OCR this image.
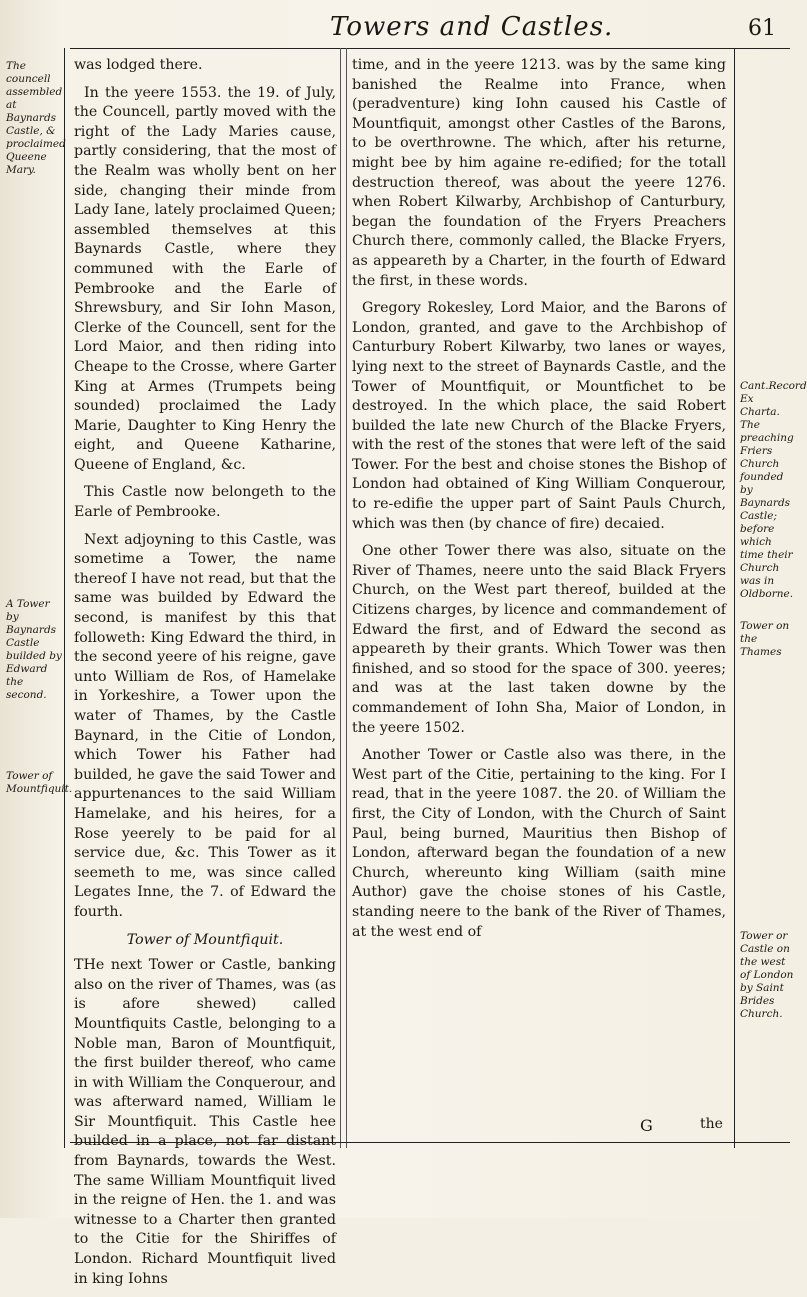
Towers and Castles.	61
The councell assembled at Baynards Castle, & proclaimed Queene Mary.
A Tower by Baynards Castle builded by Edward the second.
Tower of Mountfiquit.
Cant.Record Ex Charta. The preaching Friers Church founded by Baynards Castle; before which time their Church was in Oldborne.
Tower on the Thames
Tower or Castle on the west of London by Saint Brides Church.

was lodged there.

In the yeere 1553. the 19. of July, the Councell, partly moved with the right of the Lady Maries cause, partly considering, that the most of the Realm was wholly bent on her side, changing their minde from Lady Iane, lately proclaimed Queen; assembled themselves at this Baynards Castle, where they communed with the Earle of Pembrooke and the Earle of Shrewsbury, and Sir Iohn Mason, Clerke of the Councell, sent for the Lord Maior, and then riding into Cheape to the Crosse, where Garter King at Armes (Trumpets being sounded) proclaimed the Lady Marie, Daughter to King Henry the eight, and Queene Katharine, Queene of England, &c.

This Castle now belongeth to the Earle of Pembrooke.

Next adjoyning to this Castle, was sometime a Tower, the name thereof I have not read, but that the same was builded by Edward the second, is manifest by this that followeth: King Edward the third, in the second yeere of his reigne, gave unto William de Ros, of Hamelake in Yorkeshire, a Tower upon the water of Thames, by the Castle Baynard, in the Citie of London, which Tower his Father had builded, he gave the said Tower and appurtenances to the said William Hamelake, and his heires, for a Rose yeerely to be paid for al service due, &c. This Tower as it seemeth to me, was since called Legates Inne, the 7. of Edward the fourth.

Tower of Mountfiquit.

THe next Tower or Castle, banking also on the river of Thames, was (as is afore shewed) called Mountfiquits Castle, belonging to a Noble man, Baron of Mountfiquit, the first builder thereof, who came in with William the Conquerour, and was afterward named, William le Sir Mountfiquit. This Castle hee builded in a place, not far distant from Baynards, towards the West. The same William Mountfiquit lived in the reigne of Hen. the 1. and was witnesse to a Charter then granted to the Citie for the Shiriffes of London. Richard Mountfiquit lived in king Iohns

time, and in the yeere 1213. was by the same king banished the Realme into France, when (peradventure) king Iohn caused his Castle of Mountfiquit, amongst other Castles of the Barons, to be overthrowne. The which, after his returne, might bee by him againe re-edified; for the totall destruction thereof, was about the yeere 1276. when Robert Kilwarby, Archbishop of Canturbury, began the foundation of the Fryers Preachers Church there, commonly called, the Blacke Fryers, as appeareth by a Charter, in the fourth of Edward the first, in these words.

Gregory Rokesley, Lord Maior, and the Barons of London, granted, and gave to the Archbishop of Canturbury Robert Kilwarby, two lanes or wayes, lying next to the street of Baynards Castle, and the Tower of Mountfiquit, or Mountfichet to be destroyed. In the which place, the said Robert builded the late new Church of the Blacke Fryers, with the rest of the stones that were left of the said Tower. For the best and choise stones the Bishop of London had obtained of King William Conquerour, to re-edifie the upper part of Saint Pauls Church, which was then (by chance of fire) decaied.

One other Tower there was also, situate on the River of Thames, neere unto the said Black Fryers Church, on the West part thereof, builded at the Citizens charges, by licence and commandement of Edward the first, and of Edward the second as appeareth by their grants. Which Tower was then finished, and so stood for the space of 300. yeeres; and was at the last taken downe by the commandement of Iohn Sha, Maior of London, in the yeere 1502.

Another Tower or Castle also was there, in the West part of the Citie, pertaining to the king. For I read, that in the yeere 1087. the 20. of William the first, the City of London, with the Church of Saint Paul, being burned, Mauritius then Bishop of London, afterward began the foundation of a new Church, whereunto king William (saith mine Author) gave the choise stones of his Castle, standing neere to the bank of the River of Thames, at the west end of

G	the
